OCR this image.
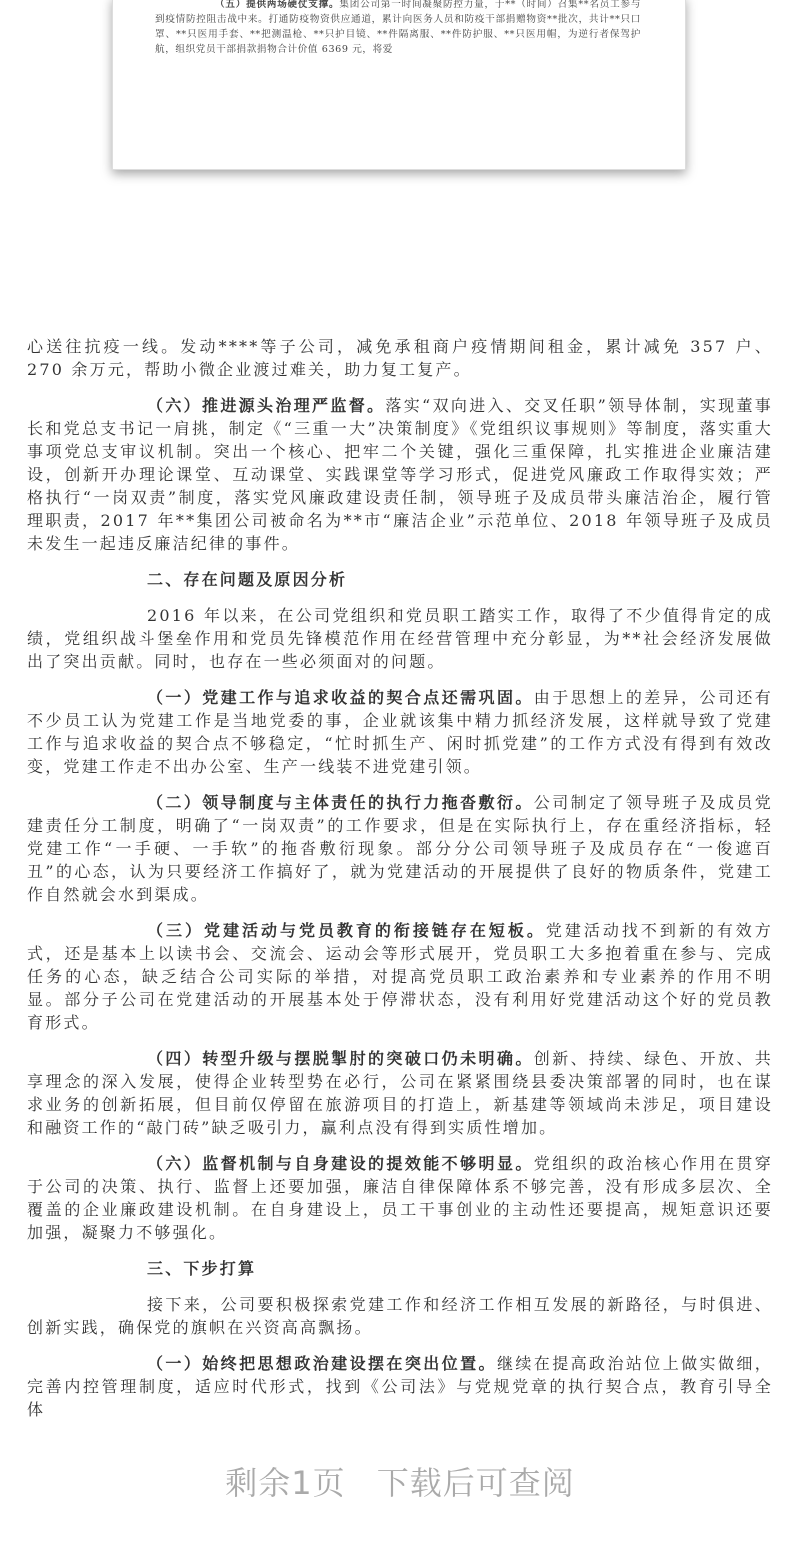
（五）提供两场硬仗支撑。集团公司第一时间凝聚防控力量，于**（时间）召集**名员工参与到疫情防控阻击战中来。打通防疫物资供应通道，累计向医务人员和防疫干部捐赠物资**批次，共计**只口罩、**只医用手套、**把测温枪、**只护目镜、**件隔离服、**件防护服、**只医用帽，为逆行者保驾护航，组织党员干部捐款捐物合计价值 6369 元，将爱

心送往抗疫一线。发动****等子公司，减免承租商户疫情期间租金，累计减免 357 户、270 余万元，帮助小微企业渡过难关，助力复工复产。

（六）推进源头治理严监督。落实“双向进入、交叉任职”领导体制，实现董事长和党总支书记一肩挑，制定《“三重一大”决策制度》《党组织议事规则》等制度，落实重大事项党总支审议机制。突出一个核心、把牢二个关键，强化三重保障，扎实推进企业廉洁建设，创新开办理论课堂、互动课堂、实践课堂等学习形式，促进党风廉政工作取得实效；严格执行“一岗双责”制度，落实党风廉政建设责任制，领导班子及成员带头廉洁治企，履行管理职责，2017 年**集团公司被命名为**市“廉洁企业”示范单位、2018 年领导班子及成员未发生一起违反廉洁纪律的事件。

二、存在问题及原因分析

2016 年以来，在公司党组织和党员职工踏实工作，取得了不少值得肯定的成绩，党组织战斗堡垒作用和党员先锋模范作用在经营管理中充分彰显，为**社会经济发展做出了突出贡献。同时，也存在一些必须面对的问题。

（一）党建工作与追求收益的契合点还需巩固。由于思想上的差异，公司还有不少员工认为党建工作是当地党委的事，企业就该集中精力抓经济发展，这样就导致了党建工作与追求收益的契合点不够稳定，“忙时抓生产、闲时抓党建”的工作方式没有得到有效改变，党建工作走不出办公室、生产一线装不进党建引领。

（二）领导制度与主体责任的执行力拖沓敷衍。公司制定了领导班子及成员党建责任分工制度，明确了“一岗双责”的工作要求，但是在实际执行上，存在重经济指标，轻党建工作“一手硬、一手软”的拖沓敷衍现象。部分分公司领导班子及成员存在“一俊遮百丑”的心态，认为只要经济工作搞好了，就为党建活动的开展提供了良好的物质条件，党建工作自然就会水到渠成。

（三）党建活动与党员教育的衔接链存在短板。党建活动找不到新的有效方式，还是基本上以读书会、交流会、运动会等形式展开，党员职工大多抱着重在参与、完成任务的心态，缺乏结合公司实际的举措，对提高党员职工政治素养和专业素养的作用不明显。部分子公司在党建活动的开展基本处于停滞状态，没有利用好党建活动这个好的党员教育形式。

（四）转型升级与摆脱掣肘的突破口仍未明确。创新、持续、绿色、开放、共享理念的深入发展，使得企业转型势在必行，公司在紧紧围绕县委决策部署的同时，也在谋求业务的创新拓展，但目前仅停留在旅游项目的打造上，新基建等领域尚未涉足，项目建设和融资工作的“敲门砖”缺乏吸引力，赢利点没有得到实质性增加。

（六）监督机制与自身建设的提效能不够明显。党组织的政治核心作用在贯穿于公司的决策、执行、监督上还要加强，廉洁自律保障体系不够完善，没有形成多层次、全覆盖的企业廉政建设机制。在自身建设上，员工干事创业的主动性还要提高，规矩意识还要加强，凝聚力不够强化。

三、下步打算

接下来，公司要积极探索党建工作和经济工作相互发展的新路径，与时俱进、创新实践，确保党的旗帜在兴资高高飘扬。

（一）始终把思想政治建设摆在突出位置。继续在提高政治站位上做实做细，完善内控管理制度，适应时代形式，找到《公司法》与党规党章的执行契合点，教育引导全体

剩余1页 下载后可查阅
